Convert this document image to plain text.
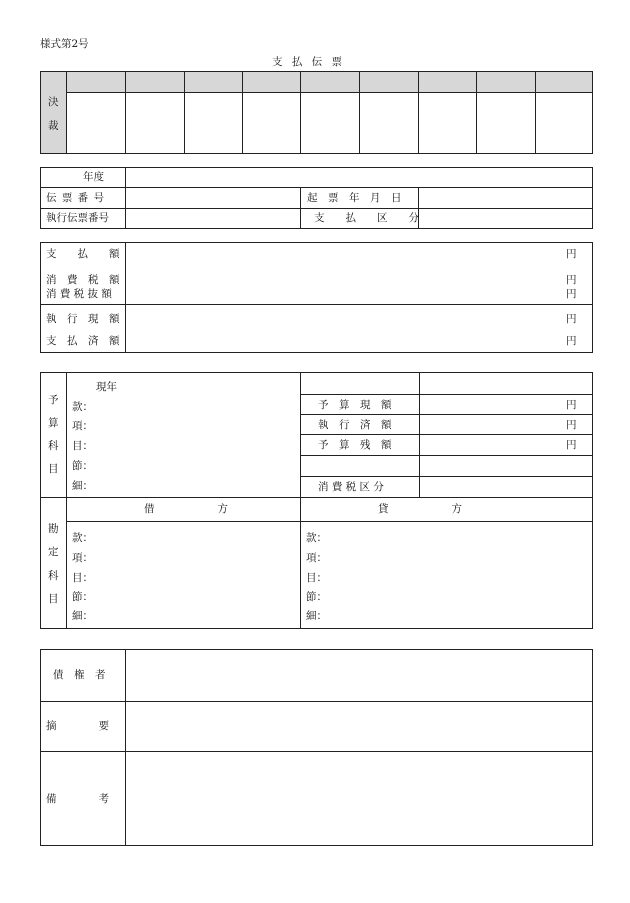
様式第2号
支 払 伝 票
決
裁
年度
伝 票 番 号
執行伝票番号
起　票　年　月　日
支　　払　　区　　分
支　　払　　額
消　費　税　額
消 費 税 抜 額
執　行　現　額
支　払　済　額
円
円
円
円
円
予
算
科
目
現年
款：
項：
目：
節：
細：
予　算　現　額
執　行　済　額
予　算　残　額
消 費 税 区 分
円
円
円
勘
定
科
目
借　　　　　　方	貸　　　　　　方
款：
項：
目：
節：
細：
款：
項：
目：
節：
細：
債　権　者
摘　　　　要
備　　　　考
